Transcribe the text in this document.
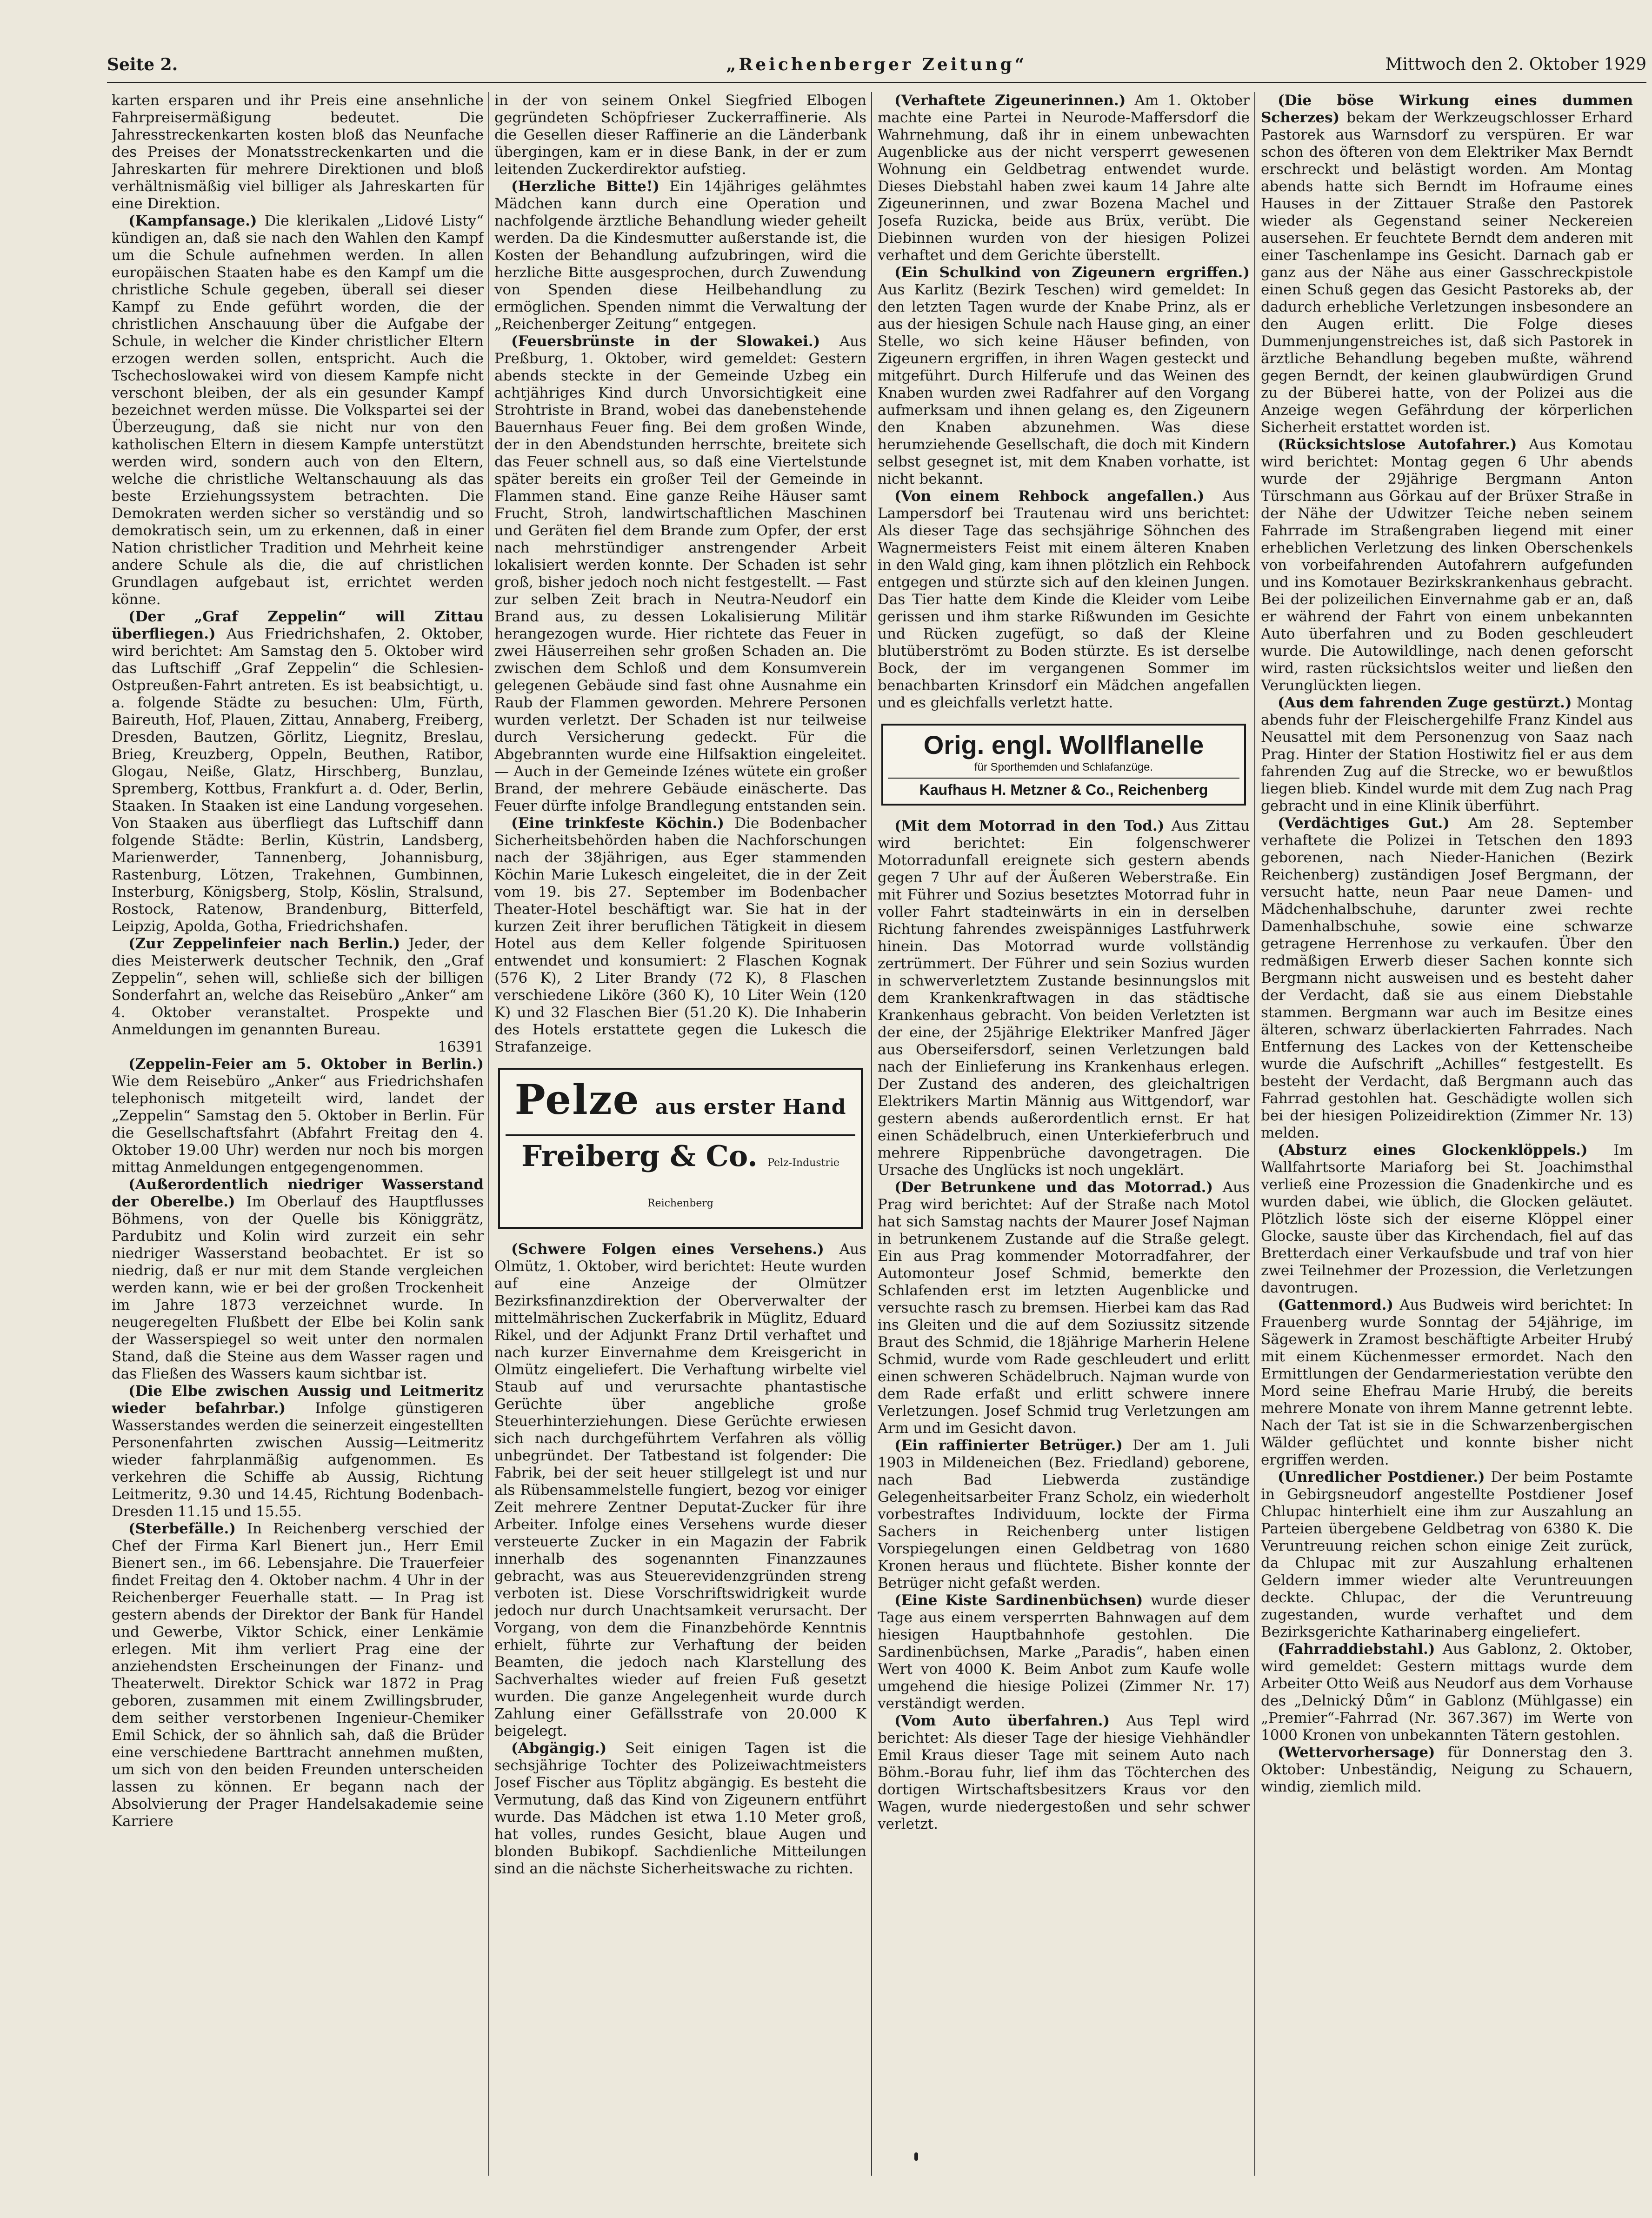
Seite 2.	„Reichenberger Zeitung“	Mittwoch den 2. Oktober 1929

karten ersparen und ihr Preis eine ansehnliche Fahrpreisermäßigung bedeutet. Die Jahresstreckenkarten kosten bloß das Neunfache des Preises der Monatsstreckenkarten und die Jahreskarten für mehrere Direktionen und bloß verhältnismäßig viel billiger als Jahreskarten für eine Direktion.

(Kampfansage.) Die klerikalen „Lidové Listy“ kündigen an, daß sie nach den Wahlen den Kampf um die Schule aufnehmen werden. In allen europäischen Staaten habe es den Kampf um die christliche Schule gegeben, überall sei dieser Kampf zu Ende geführt worden, die der christlichen Anschauung über die Aufgabe der Schule, in welcher die Kinder christlicher Eltern erzogen werden sollen, entspricht. Auch die Tschechoslowakei wird von diesem Kampfe nicht verschont bleiben, der als ein gesunder Kampf bezeichnet werden müsse. Die Volkspartei sei der Überzeugung, daß sie nicht nur von den katholischen Eltern in diesem Kampfe unterstützt werden wird, sondern auch von den Eltern, welche die christliche Weltanschauung als das beste Erziehungssystem betrachten. Die Demokraten werden sicher so verständig und so demokratisch sein, um zu erkennen, daß in einer Nation christlicher Tradition und Mehrheit keine andere Schule als die, die auf christlichen Grundlagen aufgebaut ist, errichtet werden könne.

(Der „Graf Zeppelin“ will Zittau überfliegen.) Aus Friedrichshafen, 2. Oktober, wird berichtet: Am Samstag den 5. Oktober wird das Luftschiff „Graf Zeppelin“ die Schlesien-Ostpreußen-Fahrt antreten. Es ist beabsichtigt, u. a. folgende Städte zu besuchen: Ulm, Fürth, Baireuth, Hof, Plauen, Zittau, Annaberg, Freiberg, Dresden, Bautzen, Görlitz, Liegnitz, Breslau, Brieg, Kreuzberg, Oppeln, Beuthen, Ratibor, Glogau, Neiße, Glatz, Hirschberg, Bunzlau, Spremberg, Kottbus, Frankfurt a. d. Oder, Berlin, Staaken. In Staaken ist eine Landung vorgesehen. Von Staaken aus überfliegt das Luftschiff dann folgende Städte: Berlin, Küstrin, Landsberg, Marienwerder, Tannenberg, Johannisburg, Rastenburg, Lötzen, Trakehnen, Gumbinnen, Insterburg, Königsberg, Stolp, Köslin, Stralsund, Rostock, Ratenow, Brandenburg, Bitterfeld, Leipzig, Apolda, Gotha, Friedrichshafen.

(Zur Zeppelinfeier nach Berlin.) Jeder, der dies Meisterwerk deutscher Technik, den „Graf Zeppelin“, sehen will, schließe sich der billigen Sonderfahrt an, welche das Reisebüro „Anker“ am 4. Oktober veranstaltet. Prospekte und Anmeldungen im genannten Bureau.
16391

(Zeppelin-Feier am 5. Oktober in Berlin.) Wie dem Reisebüro „Anker“ aus Friedrichshafen telephonisch mitgeteilt wird, landet der „Zeppelin“ Samstag den 5. Oktober in Berlin. Für die Gesellschaftsfahrt (Abfahrt Freitag den 4. Oktober 19.00 Uhr) werden nur noch bis morgen mittag Anmeldungen entgegengenommen.

(Außerordentlich niedriger Wasserstand der Oberelbe.) Im Oberlauf des Hauptflusses Böhmens, von der Quelle bis Königgrätz, Pardubitz und Kolin wird zurzeit ein sehr niedriger Wasserstand beobachtet. Er ist so niedrig, daß er nur mit dem Stande vergleichen werden kann, wie er bei der großen Trockenheit im Jahre 1873 verzeichnet wurde. In neugeregelten Flußbett der Elbe bei Kolin sank der Wasserspiegel so weit unter den normalen Stand, daß die Steine aus dem Wasser ragen und das Fließen des Wassers kaum sichtbar ist.

(Die Elbe zwischen Aussig und Leitmeritz wieder befahrbar.) Infolge günstigeren Wasserstandes werden die seinerzeit eingestellten Personenfahrten zwischen Aussig—Leitmeritz wieder fahrplanmäßig aufgenommen. Es verkehren die Schiffe ab Aussig, Richtung Leitmeritz, 9.30 und 14.45, Richtung Bodenbach-Dresden 11.15 und 15.55.

(Sterbefälle.) In Reichenberg verschied der Chef der Firma Karl Bienert jun., Herr Emil Bienert sen., im 66. Lebensjahre. Die Trauerfeier findet Freitag den 4. Oktober nachm. 4 Uhr in der Reichenberger Feuerhalle statt. — In Prag ist gestern abends der Direktor der Bank für Handel und Gewerbe, Viktor Schick, einer Lenkämie erlegen. Mit ihm verliert Prag eine der anziehendsten Erscheinungen der Finanz- und Theaterwelt. Direktor Schick war 1872 in Prag geboren, zusammen mit einem Zwillingsbruder, dem seither verstorbenen Ingenieur-Chemiker Emil Schick, der so ähnlich sah, daß die Brüder eine verschiedene Barttracht annehmen mußten, um sich von den beiden Freunden unterscheiden lassen zu können. Er begann nach der Absolvierung der Prager Handelsakademie seine Karriere

in der von seinem Onkel Siegfried Elbogen gegründeten Schöpfrieser Zuckerraffinerie. Als die Gesellen dieser Raffinerie an die Länderbank übergingen, kam er in diese Bank, in der er zum leitenden Zuckerdirektor aufstieg.

(Herzliche Bitte!) Ein 14jähriges gelähmtes Mädchen kann durch eine Operation und nachfolgende ärztliche Behandlung wieder geheilt werden. Da die Kindesmutter außerstande ist, die Kosten der Behandlung aufzubringen, wird die herzliche Bitte ausgesprochen, durch Zuwendung von Spenden diese Heilbehandlung zu ermöglichen. Spenden nimmt die Verwaltung der „Reichenberger Zeitung“ entgegen.

(Feuersbrünste in der Slowakei.) Aus Preßburg, 1. Oktober, wird gemeldet: Gestern abends steckte in der Gemeinde Uzbeg ein achtjähriges Kind durch Unvorsichtigkeit eine Strohtriste in Brand, wobei das danebenstehende Bauernhaus Feuer fing. Bei dem großen Winde, der in den Abendstunden herrschte, breitete sich das Feuer schnell aus, so daß eine Viertelstunde später bereits ein großer Teil der Gemeinde in Flammen stand. Eine ganze Reihe Häuser samt Frucht, Stroh, landwirtschaftlichen Maschinen und Geräten fiel dem Brande zum Opfer, der erst nach mehrstündiger anstrengender Arbeit lokalisiert werden konnte. Der Schaden ist sehr groß, bisher jedoch noch nicht festgestellt. — Fast zur selben Zeit brach in Neutra-Neudorf ein Brand aus, zu dessen Lokalisierung Militär herangezogen wurde. Hier richtete das Feuer in zwei Häuserreihen sehr großen Schaden an. Die zwischen dem Schloß und dem Konsumverein gelegenen Gebäude sind fast ohne Ausnahme ein Raub der Flammen geworden. Mehrere Personen wurden verletzt. Der Schaden ist nur teilweise durch Versicherung gedeckt. Für die Abgebrannten wurde eine Hilfsaktion eingeleitet. — Auch in der Gemeinde Izénes wütete ein großer Brand, der mehrere Gebäude einäscherte. Das Feuer dürfte infolge Brandlegung entstanden sein.

(Eine trinkfeste Köchin.) Die Bodenbacher Sicherheitsbehörden haben die Nachforschungen nach der 38jährigen, aus Eger stammenden Köchin Marie Lukesch eingeleitet, die in der Zeit vom 19. bis 27. September im Bodenbacher Theater-Hotel beschäftigt war. Sie hat in der kurzen Zeit ihrer beruflichen Tätigkeit in diesem Hotel aus dem Keller folgende Spirituosen entwendet und konsumiert: 2 Flaschen Kognak (576 K), 2 Liter Brandy (72 K), 8 Flaschen verschiedene Liköre (360 K), 10 Liter Wein (120 K) und 32 Flaschen Bier (51.20 K). Die Inhaberin des Hotels erstattete gegen die Lukesch die Strafanzeige.

Pelze aus erster Hand
Freiberg & Co. Pelz-Industrie Reichenberg

(Schwere Folgen eines Versehens.) Aus Olmütz, 1. Oktober, wird berichtet: Heute wurden auf eine Anzeige der Olmützer Bezirksfinanzdirektion der Oberverwalter der mittelmährischen Zuckerfabrik in Müglitz, Eduard Rikel, und der Adjunkt Franz Drtil verhaftet und nach kurzer Einvernahme dem Kreisgericht in Olmütz eingeliefert. Die Verhaftung wirbelte viel Staub auf und verursachte phantastische Gerüchte über angebliche große Steuerhinterziehungen. Diese Gerüchte erwiesen sich nach durchgeführtem Verfahren als völlig unbegründet. Der Tatbestand ist folgender: Die Fabrik, bei der seit heuer stillgelegt ist und nur als Rübensammelstelle fungiert, bezog vor einiger Zeit mehrere Zentner Deputat-Zucker für ihre Arbeiter. Infolge eines Versehens wurde dieser versteuerte Zucker in ein Magazin der Fabrik innerhalb des sogenannten Finanzzaunes gebracht, was aus Steuerevidenzgründen streng verboten ist. Diese Vorschriftswidrigkeit wurde jedoch nur durch Unachtsamkeit verursacht. Der Vorgang, von dem die Finanzbehörde Kenntnis erhielt, führte zur Verhaftung der beiden Beamten, die jedoch nach Klarstellung des Sachverhaltes wieder auf freien Fuß gesetzt wurden. Die ganze Angelegenheit wurde durch Zahlung einer Gefällsstrafe von 20.000 K beigelegt.

(Abgängig.) Seit einigen Tagen ist die sechsjährige Tochter des Polizeiwachtmeisters Josef Fischer aus Töplitz abgängig. Es besteht die Vermutung, daß das Kind von Zigeunern entführt wurde. Das Mädchen ist etwa 1.10 Meter groß, hat volles, rundes Gesicht, blaue Augen und blonden Bubikopf. Sachdienliche Mitteilungen sind an die nächste Sicherheitswache zu richten.

(Verhaftete Zigeunerinnen.) Am 1. Oktober machte eine Partei in Neurode-Maffersdorf die Wahrnehmung, daß ihr in einem unbewachten Augenblicke aus der nicht versperrt gewesenen Wohnung ein Geldbetrag entwendet wurde. Dieses Diebstahl haben zwei kaum 14 Jahre alte Zigeunerinnen, und zwar Bozena Machel und Josefa Ruzicka, beide aus Brüx, verübt. Die Diebinnen wurden von der hiesigen Polizei verhaftet und dem Gerichte überstellt.

(Ein Schulkind von Zigeunern ergriffen.) Aus Karlitz (Bezirk Teschen) wird gemeldet: In den letzten Tagen wurde der Knabe Prinz, als er aus der hiesigen Schule nach Hause ging, an einer Stelle, wo sich keine Häuser befinden, von Zigeunern ergriffen, in ihren Wagen gesteckt und mitgeführt. Durch Hilferufe und das Weinen des Knaben wurden zwei Radfahrer auf den Vorgang aufmerksam und ihnen gelang es, den Zigeunern den Knaben abzunehmen. Was diese herumziehende Gesellschaft, die doch mit Kindern selbst gesegnet ist, mit dem Knaben vorhatte, ist nicht bekannt.

(Von einem Rehbock angefallen.) Aus Lampersdorf bei Trautenau wird uns berichtet: Als dieser Tage das sechsjährige Söhnchen des Wagnermeisters Feist mit einem älteren Knaben in den Wald ging, kam ihnen plötzlich ein Rehbock entgegen und stürzte sich auf den kleinen Jungen. Das Tier hatte dem Kinde die Kleider vom Leibe gerissen und ihm starke Rißwunden im Gesichte und Rücken zugefügt, so daß der Kleine blutüberströmt zu Boden stürzte. Es ist derselbe Bock, der im vergangenen Sommer im benachbarten Krinsdorf ein Mädchen angefallen und es gleichfalls verletzt hatte.

Orig. engl. Wollflanelle
für Sporthemden und Schlafanzüge.
Kaufhaus H. Metzner & Co., Reichenberg

(Mit dem Motorrad in den Tod.) Aus Zittau wird berichtet: Ein folgenschwerer Motorradunfall ereignete sich gestern abends gegen 7 Uhr auf der Äußeren Weberstraße. Ein mit Führer und Sozius besetztes Motorrad fuhr in voller Fahrt stadteinwärts in ein in derselben Richtung fahrendes zweispänniges Lastfuhrwerk hinein. Das Motorrad wurde vollständig zertrümmert. Der Führer und sein Sozius wurden in schwerverletztem Zustande besinnungslos mit dem Krankenkraftwagen in das städtische Krankenhaus gebracht. Von beiden Verletzten ist der eine, der 25jährige Elektriker Manfred Jäger aus Oberseifersdorf, seinen Verletzungen bald nach der Einlieferung ins Krankenhaus erlegen. Der Zustand des anderen, des gleichaltrigen Elektrikers Martin Männig aus Wittgendorf, war gestern abends außerordentlich ernst. Er hat einen Schädelbruch, einen Unterkieferbruch und mehrere Rippenbrüche davongetragen. Die Ursache des Unglücks ist noch ungeklärt.

(Der Betrunkene und das Motorrad.) Aus Prag wird berichtet: Auf der Straße nach Motol hat sich Samstag nachts der Maurer Josef Najman in betrunkenem Zustande auf die Straße gelegt. Ein aus Prag kommender Motorradfahrer, der Automonteur Josef Schmid, bemerkte den Schlafenden erst im letzten Augenblicke und versuchte rasch zu bremsen. Hierbei kam das Rad ins Gleiten und die auf dem Soziussitz sitzende Braut des Schmid, die 18jährige Marherin Helene Schmid, wurde vom Rade geschleudert und erlitt einen schweren Schädelbruch. Najman wurde von dem Rade erfaßt und erlitt schwere innere Verletzungen. Josef Schmid trug Verletzungen am Arm und im Gesicht davon.

(Ein raffinierter Betrüger.) Der am 1. Juli 1903 in Mildeneichen (Bez. Friedland) geborene, nach Bad Liebwerda zuständige Gelegenheitsarbeiter Franz Scholz, ein wiederholt vorbestraftes Individuum, lockte der Firma Sachers in Reichenberg unter listigen Vorspiegelungen einen Geldbetrag von 1680 Kronen heraus und flüchtete. Bisher konnte der Betrüger nicht gefaßt werden.

(Eine Kiste Sardinenbüchsen) wurde dieser Tage aus einem versperrten Bahnwagen auf dem hiesigen Hauptbahnhofe gestohlen. Die Sardinenbüchsen, Marke „Paradis“, haben einen Wert von 4000 K. Beim Anbot zum Kaufe wolle umgehend die hiesige Polizei (Zimmer Nr. 17) verständigt werden.

(Vom Auto überfahren.) Aus Tepl wird berichtet: Als dieser Tage der hiesige Viehhändler Emil Kraus dieser Tage mit seinem Auto nach Böhm.-Borau fuhr, lief ihm das Töchterchen des dortigen Wirtschaftsbesitzers Kraus vor den Wagen, wurde niedergestoßen und sehr schwer verletzt.

(Die böse Wirkung eines dummen Scherzes) bekam der Werkzeugschlosser Erhard Pastorek aus Warnsdorf zu verspüren. Er war schon des öfteren von dem Elektriker Max Berndt erschreckt und belästigt worden. Am Montag abends hatte sich Berndt im Hofraume eines Hauses in der Zittauer Straße den Pastorek wieder als Gegenstand seiner Neckereien ausersehen. Er feuchtete Berndt dem anderen mit einer Taschenlampe ins Gesicht. Darnach gab er ganz aus der Nähe aus einer Gasschreckpistole einen Schuß gegen das Gesicht Pastoreks ab, der dadurch erhebliche Verletzungen insbesondere an den Augen erlitt. Die Folge dieses Dummenjungenstreiches ist, daß sich Pastorek in ärztliche Behandlung begeben mußte, während gegen Berndt, der keinen glaubwürdigen Grund zu der Büberei hatte, von der Polizei aus die Anzeige wegen Gefährdung der körperlichen Sicherheit erstattet worden ist.

(Rücksichtslose Autofahrer.) Aus Komotau wird berichtet: Montag gegen 6 Uhr abends wurde der 29jährige Bergmann Anton Türschmann aus Görkau auf der Brüxer Straße in der Nähe der Udwitzer Teiche neben seinem Fahrrade im Straßengraben liegend mit einer erheblichen Verletzung des linken Oberschenkels von vorbeifahrenden Autofahrern aufgefunden und ins Komotauer Bezirkskrankenhaus gebracht. Bei der polizeilichen Einvernahme gab er an, daß er während der Fahrt von einem unbekannten Auto überfahren und zu Boden geschleudert wurde. Die Autowildlinge, nach denen geforscht wird, rasten rücksichtslos weiter und ließen den Verunglückten liegen.

(Aus dem fahrenden Zuge gestürzt.) Montag abends fuhr der Fleischergehilfe Franz Kindel aus Neusattel mit dem Personenzug von Saaz nach Prag. Hinter der Station Hostiwitz fiel er aus dem fahrenden Zug auf die Strecke, wo er bewußtlos liegen blieb. Kindel wurde mit dem Zug nach Prag gebracht und in eine Klinik überführt.

(Verdächtiges Gut.) Am 28. September verhaftete die Polizei in Tetschen den 1893 geborenen, nach Nieder-Hanichen (Bezirk Reichenberg) zuständigen Josef Bergmann, der versucht hatte, neun Paar neue Damen- und Mädchenhalbschuhe, darunter zwei rechte Damenhalbschuhe, sowie eine schwarze getragene Herrenhose zu verkaufen. Über den redmäßigen Erwerb dieser Sachen konnte sich Bergmann nicht ausweisen und es besteht daher der Verdacht, daß sie aus einem Diebstahle stammen. Bergmann war auch im Besitze eines älteren, schwarz überlackierten Fahrrades. Nach Entfernung des Lackes von der Kettenscheibe wurde die Aufschrift „Achilles“ festgestellt. Es besteht der Verdacht, daß Bergmann auch das Fahrrad gestohlen hat. Geschädigte wollen sich bei der hiesigen Polizeidirektion (Zimmer Nr. 13) melden.

(Absturz eines Glockenklöppels.) Im Wallfahrtsorte Mariaforg bei St. Joachimsthal verließ eine Prozession die Gnadenkirche und es wurden dabei, wie üblich, die Glocken geläutet. Plötzlich löste sich der eiserne Klöppel einer Glocke, sauste über das Kirchendach, fiel auf das Bretterdach einer Verkaufsbude und traf von hier zwei Teilnehmer der Prozession, die Verletzungen davontrugen.

(Gattenmord.) Aus Budweis wird berichtet: In Frauenberg wurde Sonntag der 54jährige, im Sägewerk in Zramost beschäftigte Arbeiter Hrubý mit einem Küchenmesser ermordet. Nach den Ermittlungen der Gendarmeriestation verübte den Mord seine Ehefrau Marie Hrubý, die bereits mehrere Monate von ihrem Manne getrennt lebte. Nach der Tat ist sie in die Schwarzenbergischen Wälder geflüchtet und konnte bisher nicht ergriffen werden.

(Unredlicher Postdiener.) Der beim Postamte in Gebirgsneudorf angestellte Postdiener Josef Chlupac hinterhielt eine ihm zur Auszahlung an Parteien übergebene Geldbetrag von 6380 K. Die Veruntreuung reichen schon einige Zeit zurück, da Chlupac mit zur Auszahlung erhaltenen Geldern immer wieder alte Veruntreuungen deckte. Chlupac, der die Veruntreuung zugestanden, wurde verhaftet und dem Bezirksgerichte Katharinaberg eingeliefert.

(Fahrraddiebstahl.) Aus Gablonz, 2. Oktober, wird gemeldet: Gestern mittags wurde dem Arbeiter Otto Weiß aus Neudorf aus dem Vorhause des „Delnický Dům“ in Gablonz (Mühlgasse) ein „Premier“-Fahrrad (Nr. 367.367) im Werte von 1000 Kronen von unbekannten Tätern gestohlen.

(Wettervorhersage) für Donnerstag den 3. Oktober: Unbeständig, Neigung zu Schauern, windig, ziemlich mild.
